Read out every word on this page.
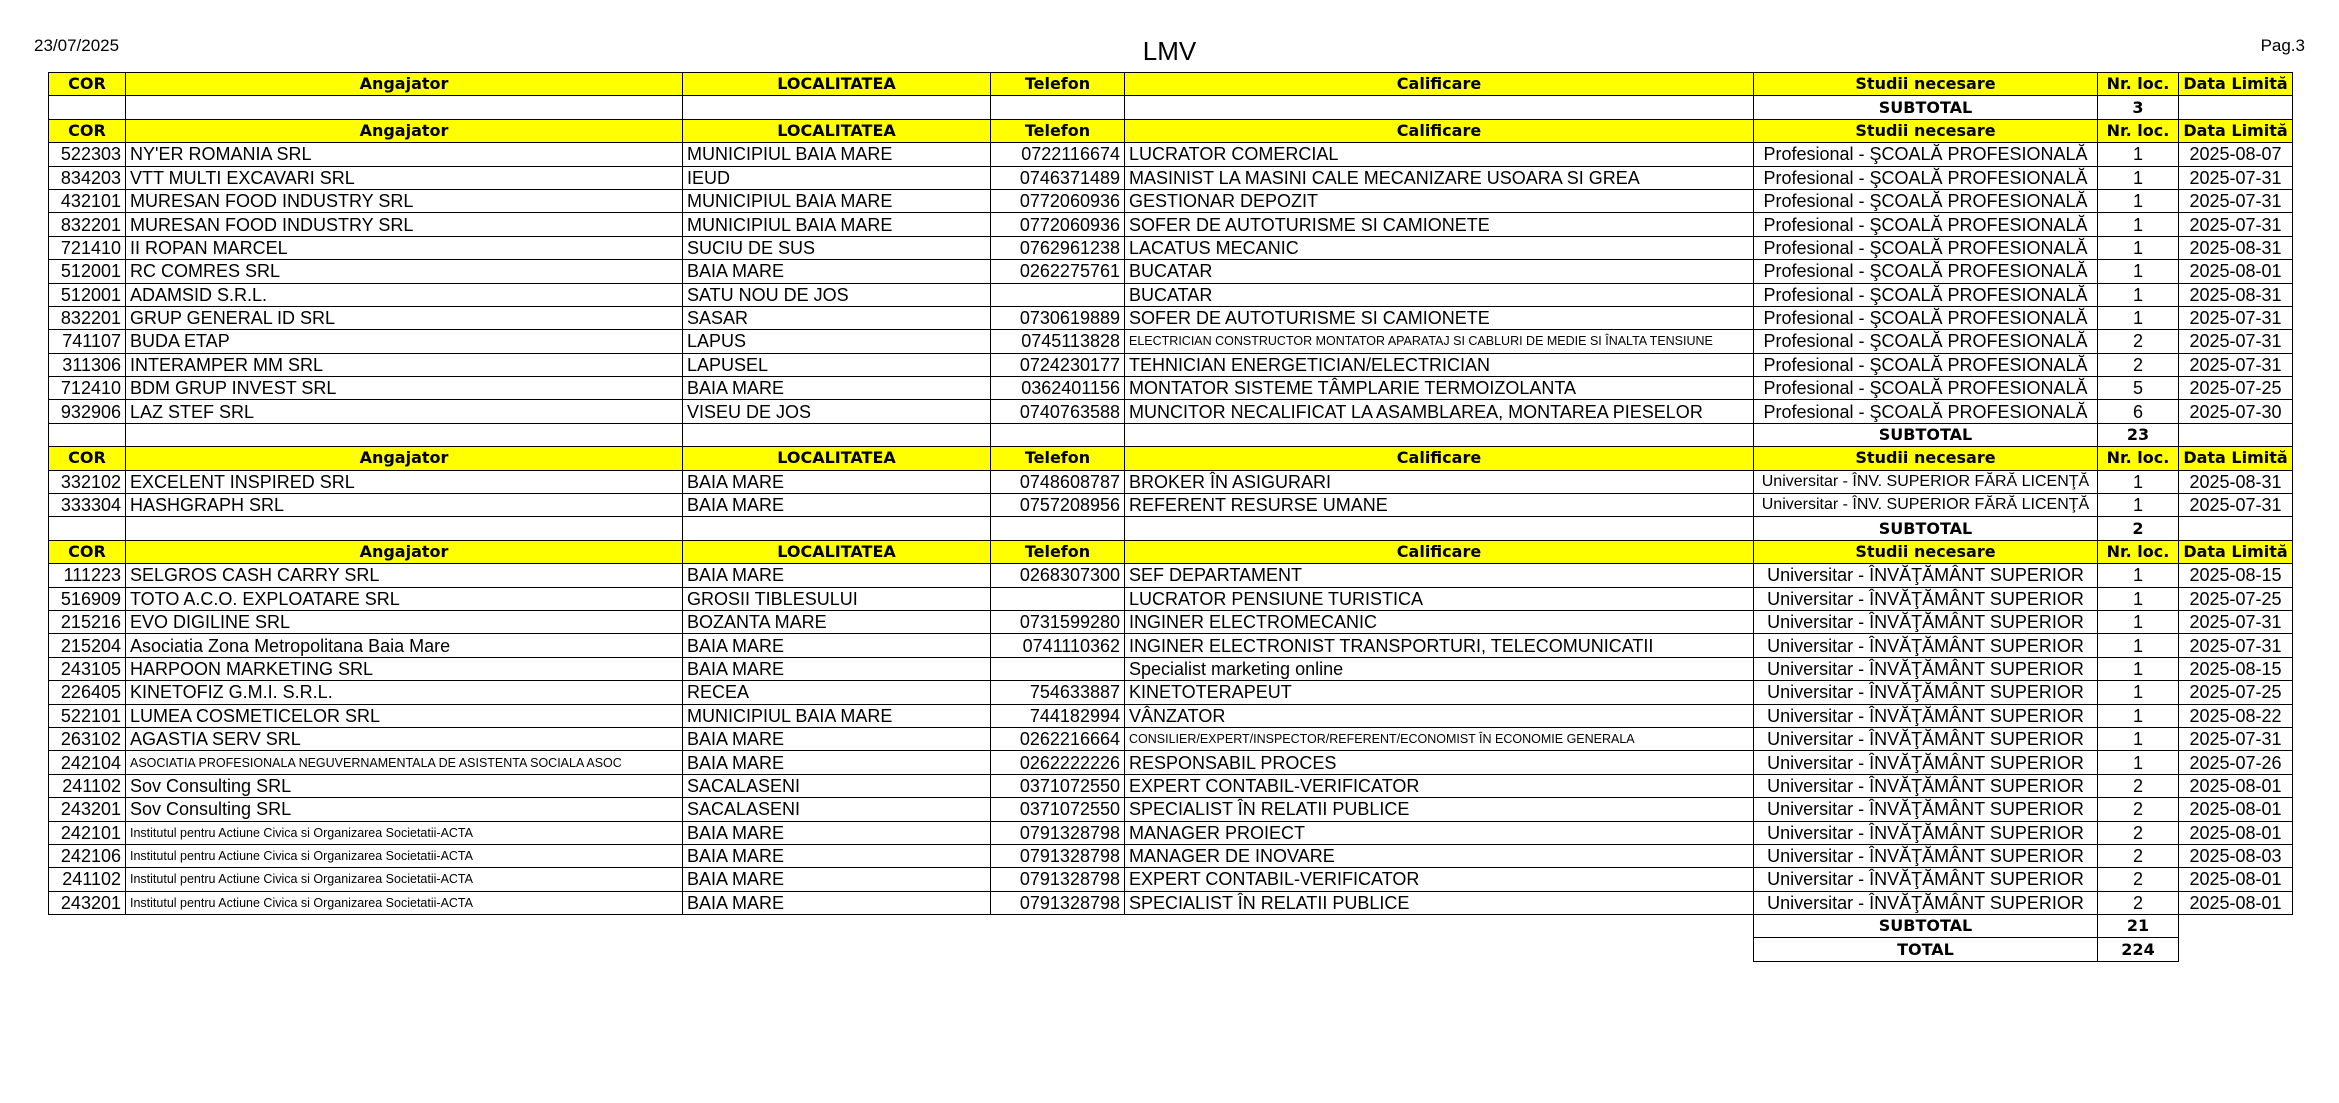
23/07/2025	LMV	Pag.3
COR	Angajator	LOCALITATEA	Telefon	Calificare	Studii necesare	Nr. loc.	Data Limită
					SUBTOTAL	3	
COR	Angajator	LOCALITATEA	Telefon	Calificare	Studii necesare	Nr. loc.	Data Limită
522303	NY'ER ROMANIA SRL	MUNICIPIUL BAIA MARE	0722116674	LUCRATOR COMERCIAL	Profesional - ŞCOALĂ PROFESIONALĂ	1	2025-08-07
834203	VTT MULTI EXCAVARI SRL	IEUD	0746371489	MASINIST LA MASINI CALE MECANIZARE USOARA SI GREA	Profesional - ŞCOALĂ PROFESIONALĂ	1	2025-07-31
432101	MURESAN FOOD INDUSTRY SRL	MUNICIPIUL BAIA MARE	0772060936	GESTIONAR DEPOZIT	Profesional - ŞCOALĂ PROFESIONALĂ	1	2025-07-31
832201	MURESAN FOOD INDUSTRY SRL	MUNICIPIUL BAIA MARE	0772060936	SOFER DE AUTOTURISME SI CAMIONETE	Profesional - ŞCOALĂ PROFESIONALĂ	1	2025-07-31
721410	II ROPAN MARCEL	SUCIU DE SUS	0762961238	LACATUS MECANIC	Profesional - ŞCOALĂ PROFESIONALĂ	1	2025-08-31
512001	RC COMRES SRL	BAIA MARE	0262275761	BUCATAR	Profesional - ŞCOALĂ PROFESIONALĂ	1	2025-08-01
512001	ADAMSID S.R.L.	SATU NOU DE JOS		BUCATAR	Profesional - ŞCOALĂ PROFESIONALĂ	1	2025-08-31
832201	GRUP GENERAL ID SRL	SASAR	0730619889	SOFER DE AUTOTURISME SI CAMIONETE	Profesional - ŞCOALĂ PROFESIONALĂ	1	2025-07-31
741107	BUDA ETAP	LAPUS	0745113828	ELECTRICIAN CONSTRUCTOR MONTATOR APARATAJ SI CABLURI DE MEDIE SI ÎNALTA TENSIUNE	Profesional - ŞCOALĂ PROFESIONALĂ	2	2025-07-31
311306	INTERAMPER MM SRL	LAPUSEL	0724230177	TEHNICIAN ENERGETICIAN/ELECTRICIAN	Profesional - ŞCOALĂ PROFESIONALĂ	2	2025-07-31
712410	BDM GRUP INVEST SRL	BAIA MARE	0362401156	MONTATOR SISTEME TÂMPLARIE TERMOIZOLANTA	Profesional - ŞCOALĂ PROFESIONALĂ	5	2025-07-25
932906	LAZ STEF SRL	VISEU DE JOS	0740763588	MUNCITOR NECALIFICAT LA ASAMBLAREA, MONTAREA PIESELOR	Profesional - ŞCOALĂ PROFESIONALĂ	6	2025-07-30
					SUBTOTAL	23	
COR	Angajator	LOCALITATEA	Telefon	Calificare	Studii necesare	Nr. loc.	Data Limită
332102	EXCELENT INSPIRED SRL	BAIA MARE	0748608787	BROKER ÎN ASIGURARI	Universitar - ÎNV. SUPERIOR FĂRĂ LICENŢĂ	1	2025-08-31
333304	HASHGRAPH SRL	BAIA MARE	0757208956	REFERENT RESURSE UMANE	Universitar - ÎNV. SUPERIOR FĂRĂ LICENŢĂ	1	2025-07-31
					SUBTOTAL	2	
COR	Angajator	LOCALITATEA	Telefon	Calificare	Studii necesare	Nr. loc.	Data Limită
111223	SELGROS CASH CARRY SRL	BAIA MARE	0268307300	SEF DEPARTAMENT	Universitar - ÎNVĂŢĂMÂNT SUPERIOR	1	2025-08-15
516909	TOTO A.C.O. EXPLOATARE SRL	GROSII TIBLESULUI		LUCRATOR PENSIUNE TURISTICA	Universitar - ÎNVĂŢĂMÂNT SUPERIOR	1	2025-07-25
215216	EVO DIGILINE SRL	BOZANTA MARE	0731599280	INGINER ELECTROMECANIC	Universitar - ÎNVĂŢĂMÂNT SUPERIOR	1	2025-07-31
215204	Asociatia Zona Metropolitana Baia Mare	BAIA MARE	0741110362	INGINER ELECTRONIST TRANSPORTURI, TELECOMUNICATII	Universitar - ÎNVĂŢĂMÂNT SUPERIOR	1	2025-07-31
243105	HARPOON MARKETING SRL	BAIA MARE		Specialist marketing online	Universitar - ÎNVĂŢĂMÂNT SUPERIOR	1	2025-08-15
226405	KINETOFIZ G.M.I. S.R.L.	RECEA	754633887	KINETOTERAPEUT	Universitar - ÎNVĂŢĂMÂNT SUPERIOR	1	2025-07-25
522101	LUMEA COSMETICELOR SRL	MUNICIPIUL BAIA MARE	744182994	VÂNZATOR	Universitar - ÎNVĂŢĂMÂNT SUPERIOR	1	2025-08-22
263102	AGASTIA SERV SRL	BAIA MARE	0262216664	CONSILIER/EXPERT/INSPECTOR/REFERENT/ECONOMIST ÎN ECONOMIE GENERALA	Universitar - ÎNVĂŢĂMÂNT SUPERIOR	1	2025-07-31
242104	ASOCIATIA PROFESIONALA NEGUVERNAMENTALA DE ASISTENTA SOCIALA ASOC	BAIA MARE	0262222226	RESPONSABIL PROCES	Universitar - ÎNVĂŢĂMÂNT SUPERIOR	1	2025-07-26
241102	Sov Consulting SRL	SACALASENI	0371072550	EXPERT CONTABIL-VERIFICATOR	Universitar - ÎNVĂŢĂMÂNT SUPERIOR	2	2025-08-01
243201	Sov Consulting SRL	SACALASENI	0371072550	SPECIALIST ÎN RELATII PUBLICE	Universitar - ÎNVĂŢĂMÂNT SUPERIOR	2	2025-08-01
242101	Institutul pentru Actiune Civica si Organizarea Societatii-ACTA	BAIA MARE	0791328798	MANAGER PROIECT	Universitar - ÎNVĂŢĂMÂNT SUPERIOR	2	2025-08-01
242106	Institutul pentru Actiune Civica si Organizarea Societatii-ACTA	BAIA MARE	0791328798	MANAGER DE INOVARE	Universitar - ÎNVĂŢĂMÂNT SUPERIOR	2	2025-08-03
241102	Institutul pentru Actiune Civica si Organizarea Societatii-ACTA	BAIA MARE	0791328798	EXPERT CONTABIL-VERIFICATOR	Universitar - ÎNVĂŢĂMÂNT SUPERIOR	2	2025-08-01
243201	Institutul pentru Actiune Civica si Organizarea Societatii-ACTA	BAIA MARE	0791328798	SPECIALIST ÎN RELATII PUBLICE	Universitar - ÎNVĂŢĂMÂNT SUPERIOR	2	2025-08-01
					SUBTOTAL	21	
					TOTAL	224	
